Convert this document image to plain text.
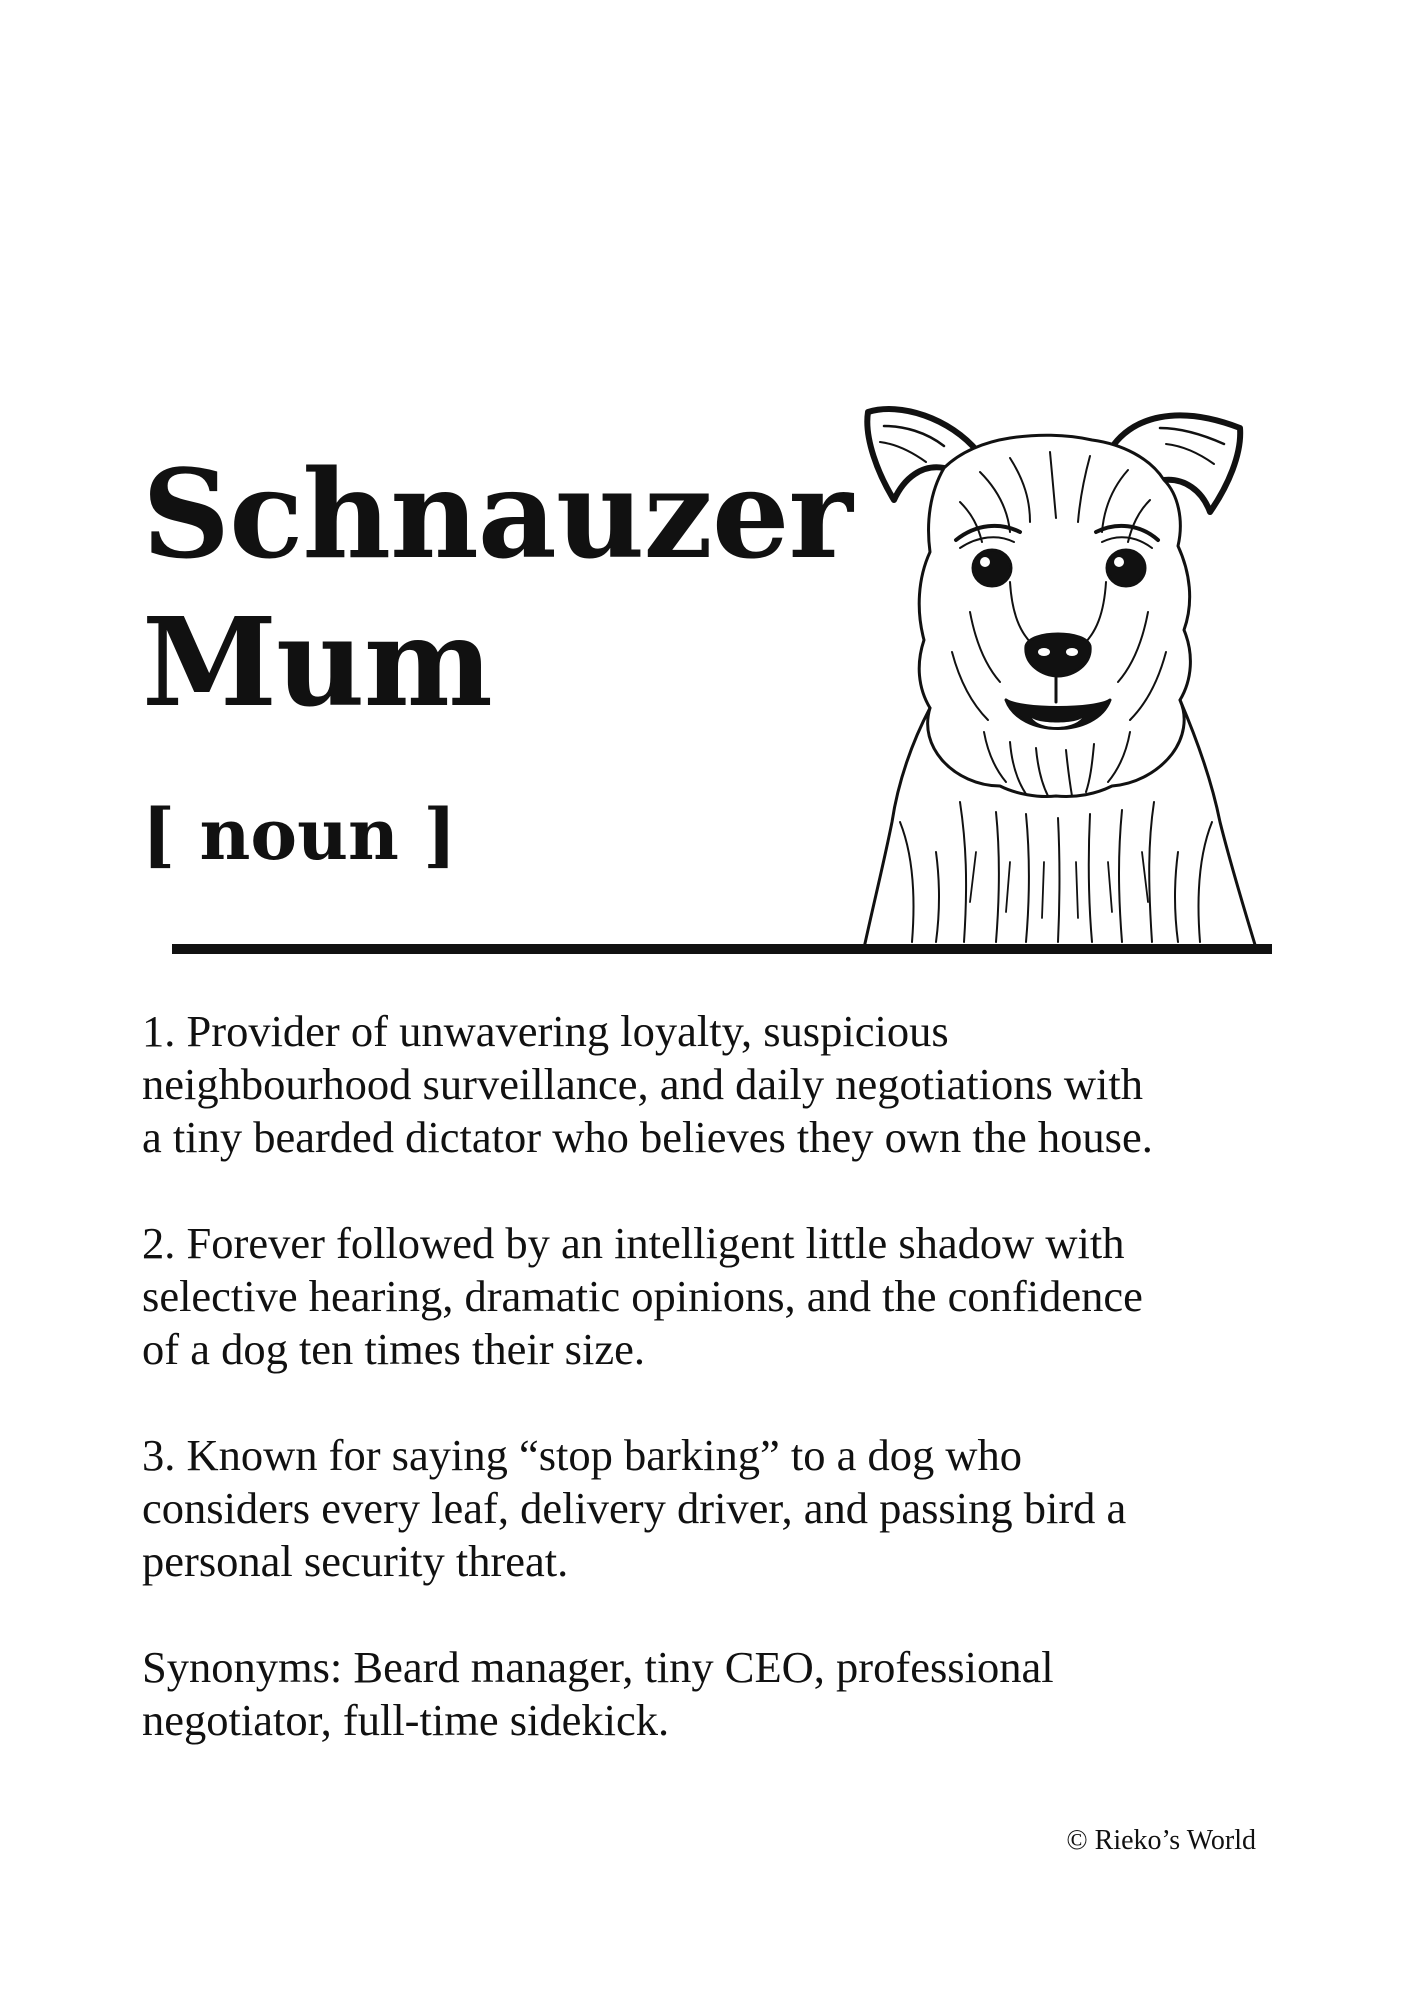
Schnauzer
Mum
[ noun ]

1. Provider of unwavering loyalty, suspicious
neighbourhood surveillance, and daily negotiations with
a tiny bearded dictator who believes they own the house.

2. Forever followed by an intelligent little shadow with
selective hearing, dramatic opinions, and the confidence
of a dog ten times their size.

3. Known for saying “stop barking” to a dog who
considers every leaf, delivery driver, and passing bird a
personal security threat.

Synonyms: Beard manager, tiny CEO, professional
negotiator, full-time sidekick.

© Rieko’s World
